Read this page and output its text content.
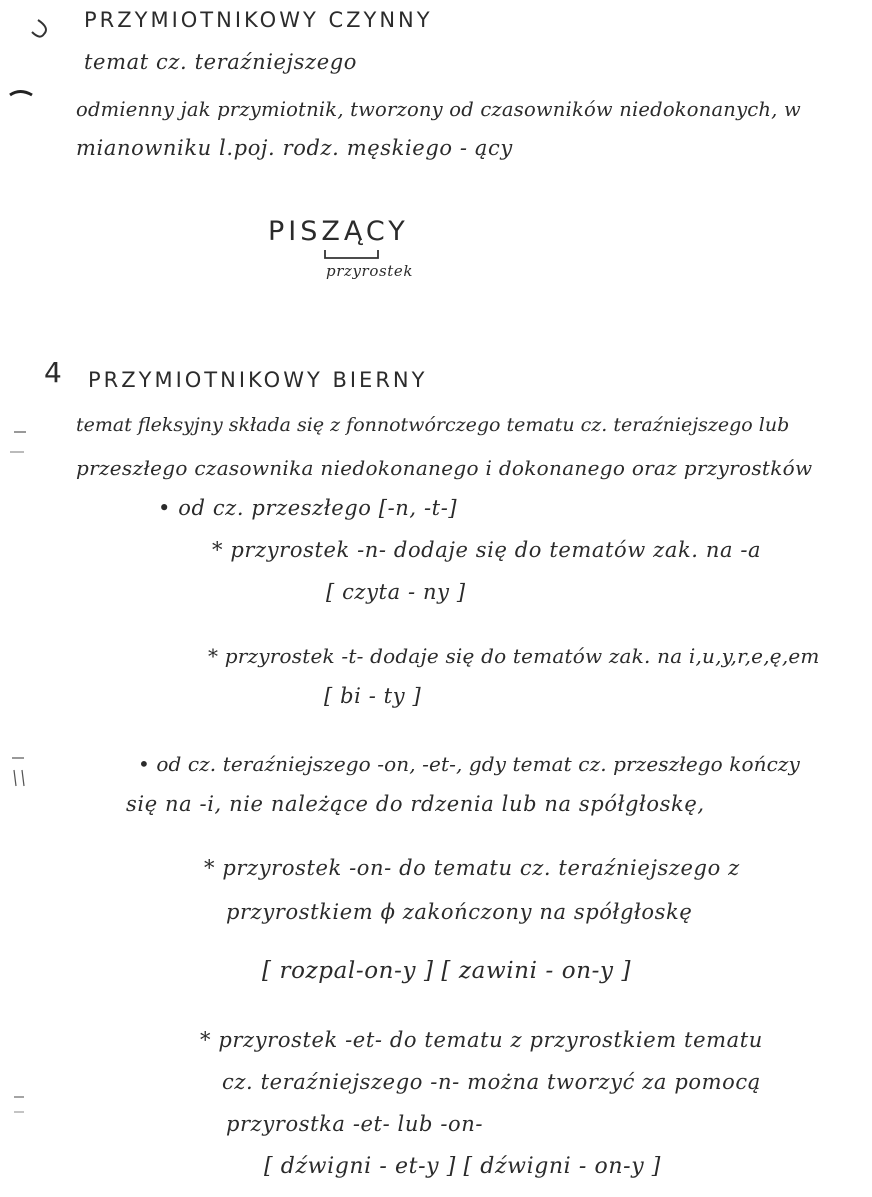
PRZYMIOTNIKOWY CZYNNY
temat cz. teraźniejszego
odmienny jak przymiotnik, tworzony od czasowników niedokonanych, w
mianowniku l.poj. rodz. męskiego - ący
PISZĄCY
przyrostek
4 PRZYMIOTNIKOWY BIERNY
temat fleksyjny składa się z fonnotwórczego tematu cz. teraźniejszego lub
przeszłego czasownika niedokonanego i dokonanego oraz przyrostków
• od cz. przeszłego [-n, -t-]
* przyrostek -n- dodaje się do tematów zak. na -a
[ czyta - ny ]
* przyrostek -t- dodaje się do tematów zak. na i,u,y,r,e,ę,em
[ bi - ty ]
• od cz. teraźniejszego -on, -et-, gdy temat cz. przeszłego kończy
się na -i, nie należące do rdzenia lub na spółgłoskę,
* przyrostek -on- do tematu cz. teraźniejszego z
przyrostkiem ϕ zakończony na spółgłoskę
[ rozpal-on-y ] [ zawini - on-y ]
* przyrostek -et- do tematu z przyrostkiem tematu
cz. teraźniejszego -n- można tworzyć za pomocą
przyrostka -et- lub -on-
[ dźwigni - et-y ] [ dźwigni - on-y ]
